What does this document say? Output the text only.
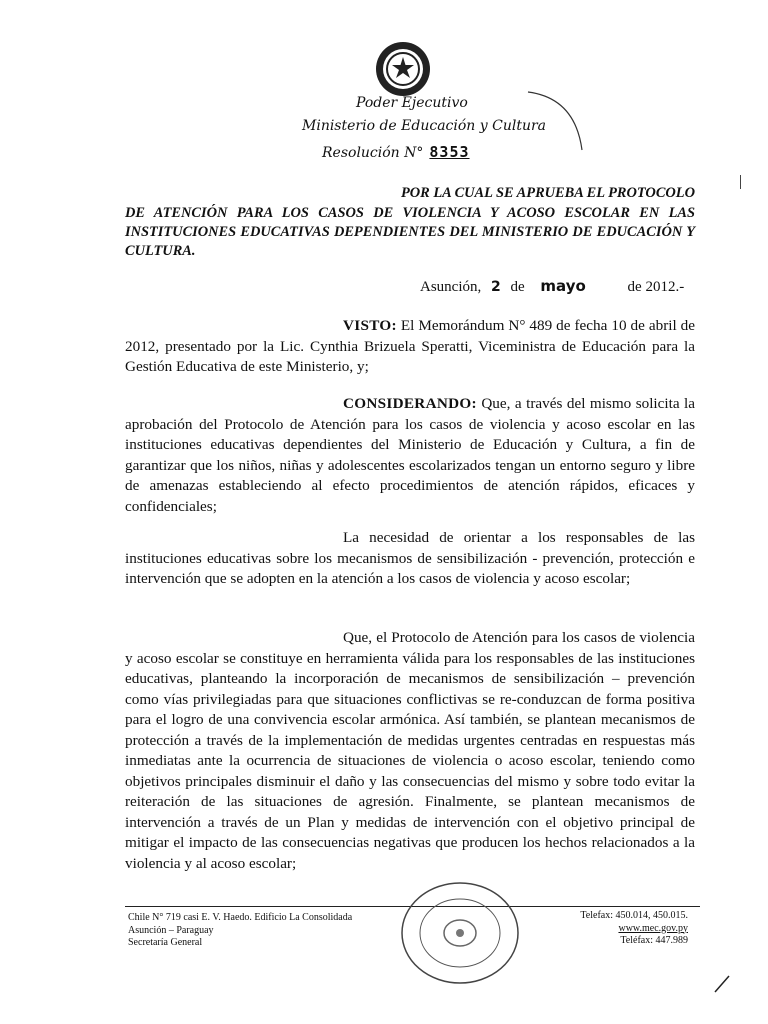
Poder Ejecutivo
Ministerio de Educación y Cultura
Resolución N° 8353
POR LA CUAL SE APRUEBA EL PROTOCOLO
DE ATENCIÓN PARA LOS CASOS DE VIOLENCIA Y ACOSO ESCOLAR EN LAS INSTITUCIONES EDUCATIVAS DEPENDIENTES DEL MINISTERIO DE EDUCACIÓN Y CULTURA.
Asunción, 2 de mayo	de 2012.-
VISTO: El Memorándum N° 489 de fecha 10 de abril de 2012, presentado por la Lic. Cynthia Brizuela Speratti, Viceministra de Educación para la Gestión Educativa de este Ministerio, y;
CONSIDERANDO: Que, a través del mismo solicita la aprobación del Protocolo de Atención para los casos de violencia y acoso escolar en las instituciones educativas dependientes del Ministerio de Educación y Cultura, a fin de garantizar que los niños, niñas y adolescentes escolarizados tengan un entorno seguro y libre de amenazas estableciendo al efecto procedimientos de atención rápidos, eficaces y confidenciales;
La necesidad de orientar a los responsables de las instituciones educativas sobre los mecanismos de sensibilización - prevención, protección e intervención que se adopten en la atención a los casos de violencia y acoso escolar;
Que, el Protocolo de Atención para los casos de violencia y acoso escolar se constituye en herramienta válida para los responsables de las instituciones educativas, planteando la incorporación de mecanismos de sensibilización – prevención como vías privilegiadas para que situaciones conflictivas se re-conduzcan de forma positiva para el logro de una convivencia escolar armónica. Así también, se plantean mecanismos de protección a través de la implementación de medidas urgentes centradas en respuestas más inmediatas ante la ocurrencia de situaciones de violencia o acoso escolar, teniendo como objetivos principales disminuir el daño y las consecuencias del mismo y sobre todo evitar la reiteración de las situaciones de agresión. Finalmente, se plantean mecanismos de intervención a través de un Plan y medidas de intervención con el objetivo principal de mitigar el impacto de las consecuencias negativas que producen los hechos relacionados a la violencia y al acoso escolar;
Chile N° 719 casi E. V. Haedo. Edificio La Consolidada
Asunción – Paraguay
Secretaría General
Telefax: 450.014, 450.015.
www.mec.gov.py
Teléfax: 447.989
